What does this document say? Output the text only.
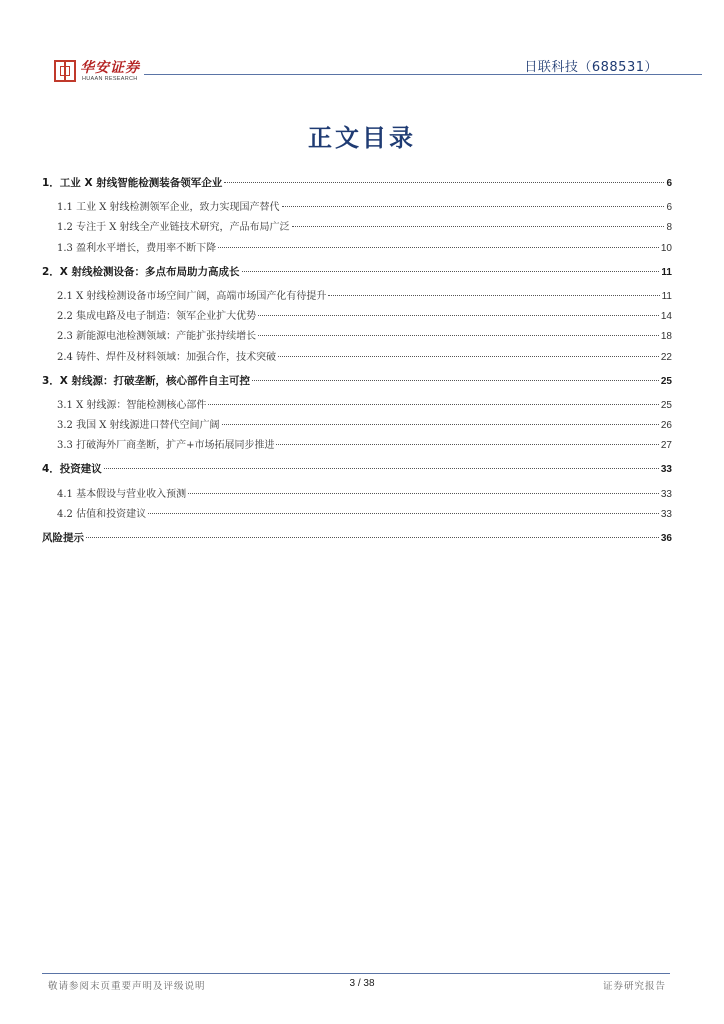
华安证券
HUAAN RESEARCH
日联科技（688531）
正文目录
1．工业 X 射线智能检测装备领军企业	6
1.1 工业 X 射线检测领军企业，致力实现国产替代	6
1.2 专注于 X 射线全产业链技术研究，产品布局广泛	8
1.3 盈利水平增长，费用率不断下降	10
2．X 射线检测设备：多点布局助力高成长	11
2.1 X 射线检测设备市场空间广阔，高端市场国产化有待提升	11
2.2 集成电路及电子制造：领军企业扩大优势	14
2.3 新能源电池检测领域：产能扩张持续增长	18
2.4 铸件、焊件及材料领域：加强合作，技术突破	22
3．X 射线源：打破垄断，核心部件自主可控	25
3.1 X 射线源：智能检测核心部件	25
3.2 我国 X 射线源进口替代空间广阔	26
3.3 打破海外厂商垄断，扩产+市场拓展同步推进	27
4．投资建议	33
4.1 基本假设与营业收入预测	33
4.2 估值和投资建议	33
风险提示	36
敬请参阅末页重要声明及评级说明	3 / 38	证券研究报告
